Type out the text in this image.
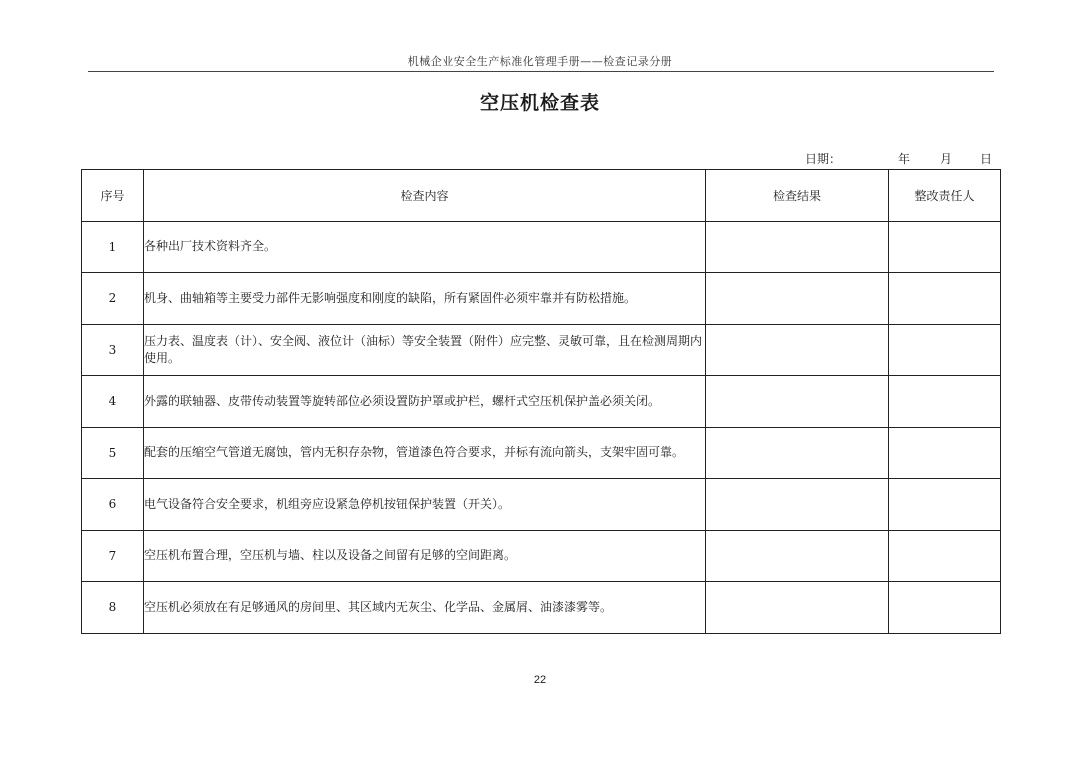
机械企业安全生产标准化管理手册——检查记录分册
空压机检查表
日期：	年 月 日
序号	检查内容	检查结果	整改责任人
1	各种出厂技术资料齐全。		
2	机身、曲轴箱等主要受力部件无影响强度和刚度的缺陷，所有紧固件必须牢靠并有防松措施。		
3	压力表、温度表（计）、安全阀、液位计（油标）等安全装置（附件）应完整、灵敏可靠，且在检测周期内使用。		
4	外露的联轴器、皮带传动装置等旋转部位必须设置防护罩或护栏，螺杆式空压机保护盖必须关闭。		
5	配套的压缩空气管道无腐蚀，管内无积存杂物，管道漆色符合要求，并标有流向箭头，支架牢固可靠。		
6	电气设备符合安全要求，机组旁应设紧急停机按钮保护装置（开关）。		
7	空压机布置合理，空压机与墙、柱以及设备之间留有足够的空间距离。		
8	空压机必须放在有足够通风的房间里、其区域内无灰尘、化学品、金属屑、油漆漆雾等。		
22
